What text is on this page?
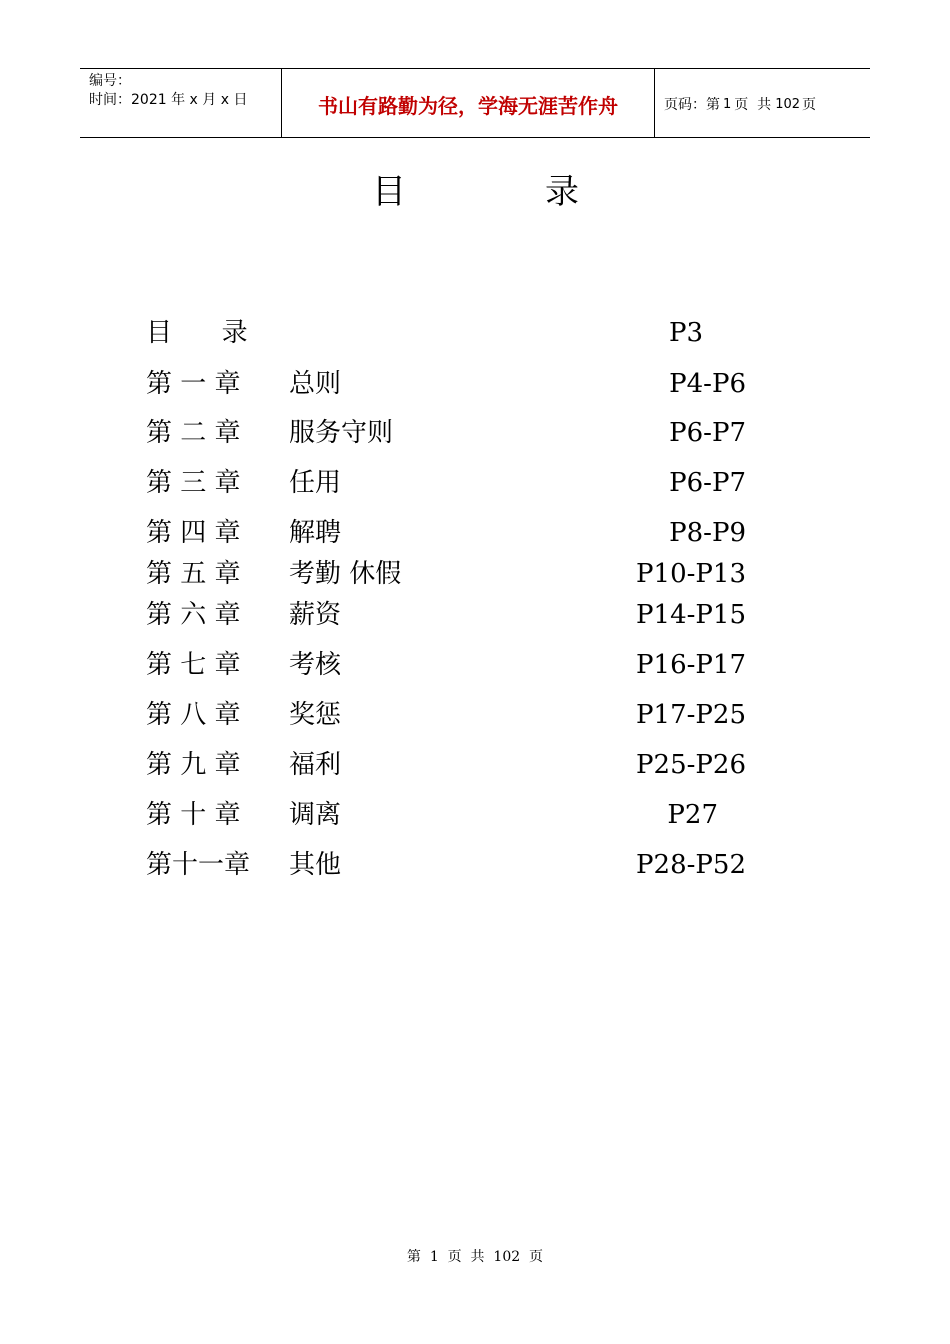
编号：
时间：2021 年 x 月 x 日	书山有路勤为径，学海无涯苦作舟	页码：第 1 页  共 102 页
目	录
目      录	P3
第 一 章 总则	P4-P6
第 二 章 服务守则	P6-P7
第 三 章 任用	P6-P7
第 四 章 解聘	P8-P9
第 五 章 考勤 休假	P10-P13
第 六 章 薪资	P14-P15
第 七 章 考核	P16-P17
第 八 章 奖惩	P17-P25
第 九 章 福利	P25-P26
第 十 章 调离	P27
第十一章 其他	P28-P52
第  1  页  共  102  页
